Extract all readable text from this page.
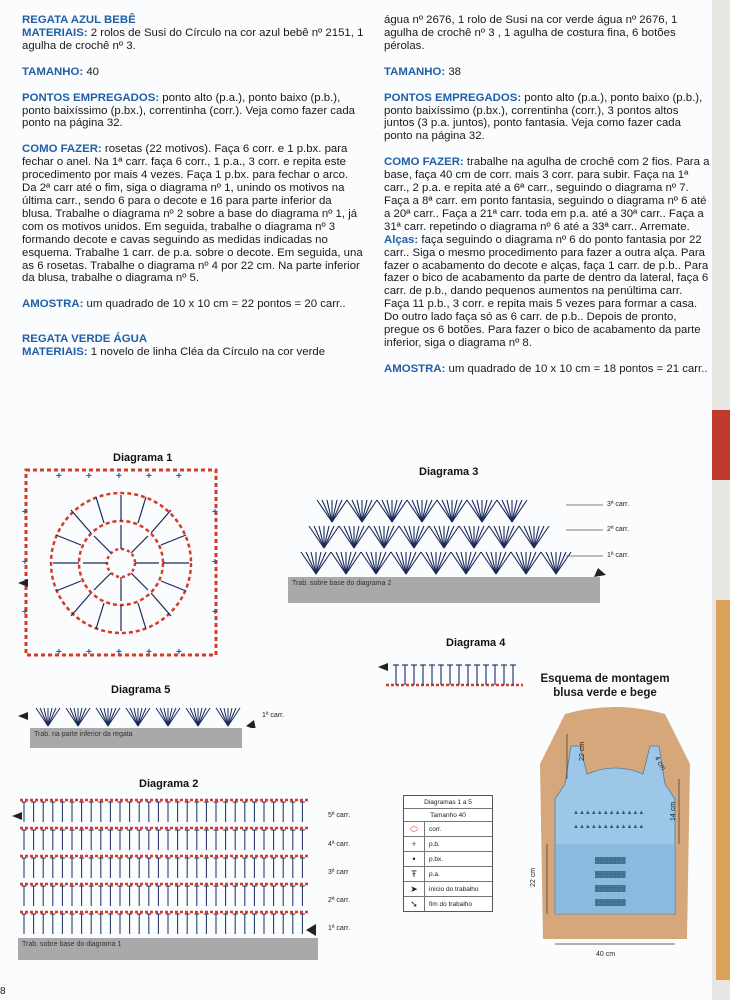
REGATA AZUL BEBÊ

MATERIAIS: 2 rolos de Susi do Círculo na cor azul bebê nº 2151, 1 agulha de crochê nº 3.

TAMANHO: 40

PONTOS EMPREGADOS: ponto alto (p.a.), ponto baixo (p.b.), ponto baixíssimo (p.bx.), correntinha (corr.). Veja como fazer cada ponto na página 32.

COMO FAZER: rosetas (22 motivos). Faça 6 corr. e 1 p.bx. para fechar o anel. Na 1ª carr. faça 6 corr., 1 p.a., 3 corr. e repita este procedimento por mais 4 vezes. Faça 1 p.bx. para fechar o arco. Da 2ª carr até o fim, siga o diagrama nº 1, unindo os motivos na última carr., sendo 6 para o decote e 16 para parte inferior da blusa. Trabalhe o diagrama nº 2 sobre a base do diagrama nº 1, já com os motivos unidos. Em seguida, trabalhe o diagrama nº 3 formando decote e cavas seguindo as medidas indicadas no esquema. Trabalhe 1 carr. de p.a. sobre o decote. Em seguida, una as 6 rosetas. Trabalhe o diagrama nº 4 por 22 cm. Na parte inferior da blusa, trabalhe o diagrama nº 5.

AMOSTRA: um quadrado de 10 x 10 cm = 22 pontos = 20 carr..

REGATA VERDE ÁGUA

MATERIAIS: 1 novelo de linha Cléa da Círculo na cor verde

água nº 2676, 1 rolo de Susi na cor verde água nº 2676, 1 agulha de crochê nº 3 , 1 agulha de costura fina, 6 botões pérolas.

TAMANHO: 38

PONTOS EMPREGADOS: ponto alto (p.a.), ponto baixo (p.b.), ponto baixíssimo (p.bx.), correntinha (corr.), 3 pontos altos juntos (3 p.a. juntos), ponto fantasia. Veja como fazer cada ponto na página 32.

COMO FAZER: trabalhe na agulha de crochê com 2 fios. Para a base, faça 40 cm de corr. mais 3 corr. para subir. Faça na 1ª carr., 2 p.a. e repita até a 6ª carr., seguindo o diagrama nº 7. Faça a 8ª carr. em ponto fantasia, seguindo o diagrama nº 6 até a 20ª carr.. Faça a 21ª carr. toda em p.a. até a 30ª carr.. Faça a 31ª carr. repetindo o diagrama nº 6 até a 33ª carr.. Arremate. Alças: faça seguindo o diagrama nº 6 do ponto fantasia por 22 carr.. Siga o mesmo procedimento para fazer a outra alça. Para fazer o acabamento do decote e alças, faça 1 carr. de p.b.. Para fazer o bico de acabamento da parte de dentro da lateral, faça 6 carr. de p.b., dando pequenos aumentos na penúltima carr. Faça 11 p.b., 3 corr. e repita mais 5 vezes para formar a casa. Do outro lado faça só as 6 carr. de p.b.. Depois de pronto, pregue os 6 botões. Para fazer o bico de acabamento da parte inferior, siga o diagrama nº 8.

AMOSTRA: um quadrado de 10 x 10 cm = 18 pontos = 21 carr..

Diagrama 1
+ + + + +
+ + + + +
+
+
+
+
+
+
Diagrama 3
3ª carr.
2ª carr.
1ª carr.
Trab. sobre base do diagrama 2
Diagrama 4
Esquema de montagem
blusa verde e bege
▲▲▲▲▲▲▲▲▲▲▲▲
▲▲▲▲▲▲▲▲▲▲▲▲
▓▓▓▓▓▓▓
▓▓▓▓▓▓▓
▓▓▓▓▓▓▓
▓▓▓▓▓▓▓
22 cm
4 cm
14 cm
22 cm
40 cm
Diagrama 5
1ª carr.
Trab. na parte inferior da regata
Diagrama 2
5ª carr.
4ª carr.
3ª carr
2ª carr.
1ª carr.
Trab. sobre base do diagrama 1
Diagramas 1 a 5
Tamanho 40
⬭	corr.
+	p.b.
•	p.bx.
Ŧ	p.a.
➤	início do trabalho
➘	fim do trabalho
8
